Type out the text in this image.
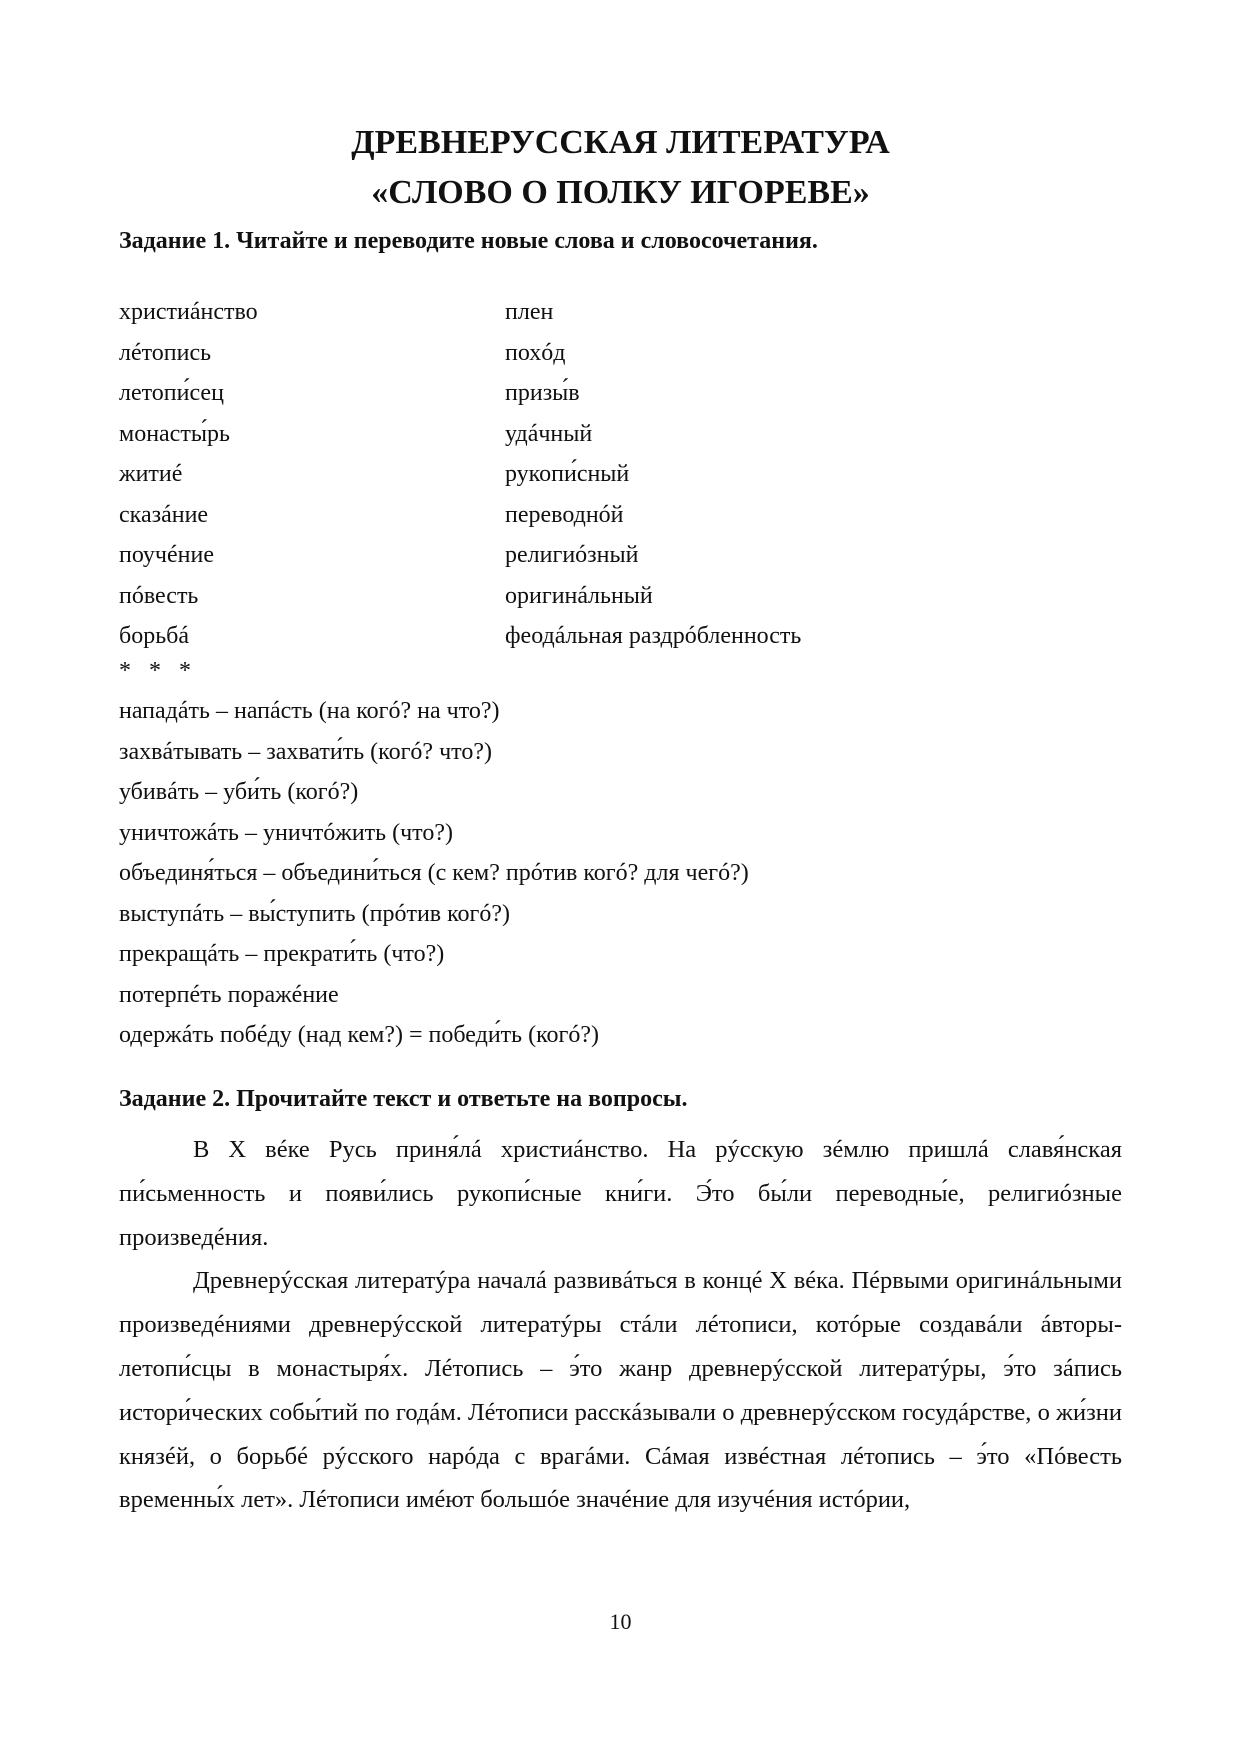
ДРЕВНЕРУССКАЯ ЛИТЕРАТУРА
«СЛОВО О ПОЛКУ ИГОРЕВЕ»
Задание 1. Читайте и переводите новые слова и словосочетания.
христиáнство	плен
лéтопись	похóд
летопи́сец	призы́в
монасты́рь	удáчный
житиé	рукопи́сный
сказáние	переводнóй
поучéние	религиóзный
пóвесть	оригинáльный
борьбá	феодáльная раздрóбленность
* * *
нападáть – напáсть (на когó? на что?)
захвáтывать – захвати́ть (когó? что?)
убивáть – уби́ть (когó?)
уничтожáть – уничтóжить (что?)
объединя́ться – объедини́ться (с кем? прóтив когó? для чегó?)
выступáть – вы́ступить (прóтив когó?)
прекращáть – прекрати́ть (что?)
потерпéть поражéние
одержáть побéду (над кем?) = победи́ть (когó?)
Задание 2. Прочитайте текст и ответьте на вопросы.

В X вéке Русь приня́лá христиáнство. На рýсскую зéмлю пришлá славя́нская пи́сьменность и появи́лись рукопи́сные кни́ги. Э́то бы́ли переводны́е, религиóзные произведéния.

Древнерýсская литератýра началá развивáться в концé X вéка. Пéрвыми оригинáльными произведéниями древнерýсской литератýры стáли лéтописи, котóрые создавáли áвторы-летопи́сцы в монастыря́х. Лéтопись – э́то жанр древнерýсской литератýры, э́то зáпись истори́ческих собы́тий по годáм. Лéтописи расскáзывали о древнерýсском госудáрстве, о жи́зни князéй, о борьбé рýсского нарóда с врагáми. Сáмая извéстная лéтопись – э́то «Пóвесть временны́х лет». Лéтописи имéют большóе значéние для изучéния истóрии,

10
